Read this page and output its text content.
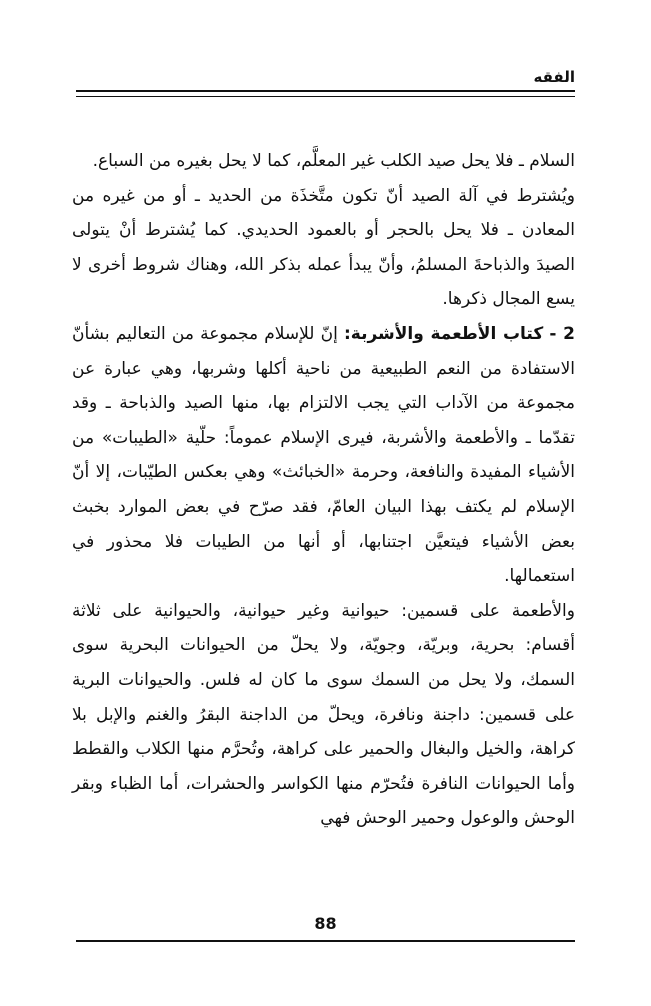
الفقه

السلام ـ فلا يحل صيد الكلب غير المعلَّم، كما لا يحل بغيره من السباع.

ويُشترط في آلة الصيد أنّ تكون متَّخذَة من الحديد ـ أو من غيره من المعادن ـ فلا يحل بالحجر أو بالعمود الحديدي. كما يُشترط أنْ يتولى الصيدَ والذباحةَ المسلمُ، وأنّ يبدأ عمله بذكر الله، وهناك شروط أخرى لا يسع المجال ذكرها.

2 - كتاب الأطعمة والأشربة: إنّ للإسلام مجموعة من التعاليم بشأنّ الاستفادة من النعم الطبيعية من ناحية أكلها وشربها، وهي عبارة عن مجموعة من الآداب التي يجب الالتزام بها، منها الصيد والذباحة ـ وقد تقدّما ـ والأطعمة والأشربة، فيرى الإسلام عموماً: حلّية «الطيبات» من الأشياء المفيدة والنافعة، وحرمة «الخبائث» وهي بعكس الطيّبات، إلا أنّ الإسلام لم يكتف بهذا البيان العامّ، فقد صرّح في بعض الموارد بخبث بعض الأشياء فيتعيَّن اجتنابها، أو أنها من الطيبات فلا محذور في استعمالها.

والأطعمة على قسمين: حيوانية وغير حيوانية، والحيوانية على ثلاثة أقسام: بحرية، وبريّة، وجويّة، ولا يحلّ من الحيوانات البحرية سوى السمك، ولا يحل من السمك سوى ما كان له فلس. والحيوانات البرية على قسمين: داجنة ونافرة، ويحلّ من الداجنة البقرُ والغنم والإبل بلا كراهة، والخيل والبغال والحمير على كراهة، وتُحرَّم منها الكلاب والقطط وأما الحيوانات النافرة فتُحرّم منها الكواسر والحشرات، أما الظباء وبقر الوحش والوعول وحمير الوحش فهي

88
